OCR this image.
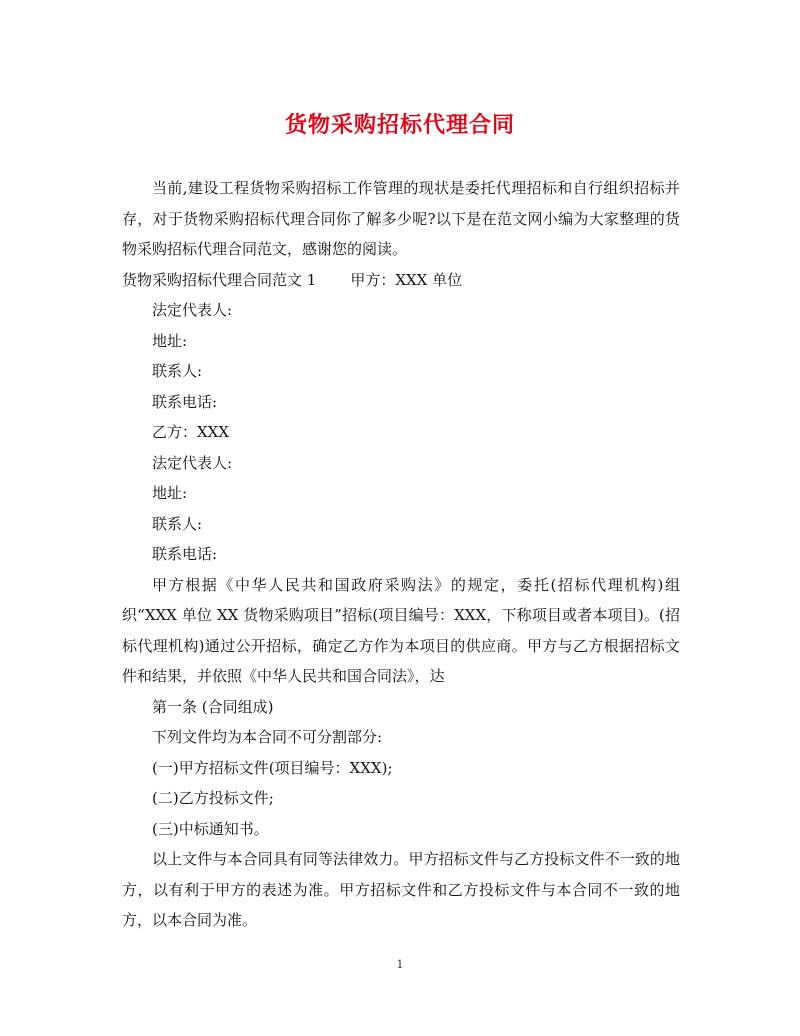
货物采购招标代理合同

当前,建设工程货物采购招标工作管理的现状是委托代理招标和自行组织招标并存，对于货物采购招标代理合同你了解多少呢?以下是在范文网小编为大家整理的货物采购招标代理合同范文，感谢您的阅读。

货物采购招标代理合同范文 1 甲方：XXX 单位

法定代表人:

地址:

联系人:

联系电话:

乙方：XXX

法定代表人:

地址:

联系人:

联系电话:

甲方根据《中华人民共和国政府采购法》的规定，委托(招标代理机构)组织“XXX 单位 XX 货物采购项目”招标(项目编号：XXX，下称项目或者本项目)。(招标代理机构)通过公开招标，确定乙方作为本项目的供应商。甲方与乙方根据招标文件和结果，并依照《中华人民共和国合同法》，达

第一条 (合同组成)

下列文件均为本合同不可分割部分:

(一)甲方招标文件(项目编号：XXX);

(二)乙方投标文件;

(三)中标通知书。

以上文件与本合同具有同等法律效力。甲方招标文件与乙方投标文件不一致的地方，以有利于甲方的表述为准。甲方招标文件和乙方投标文件与本合同不一致的地方，以本合同为准。

1
